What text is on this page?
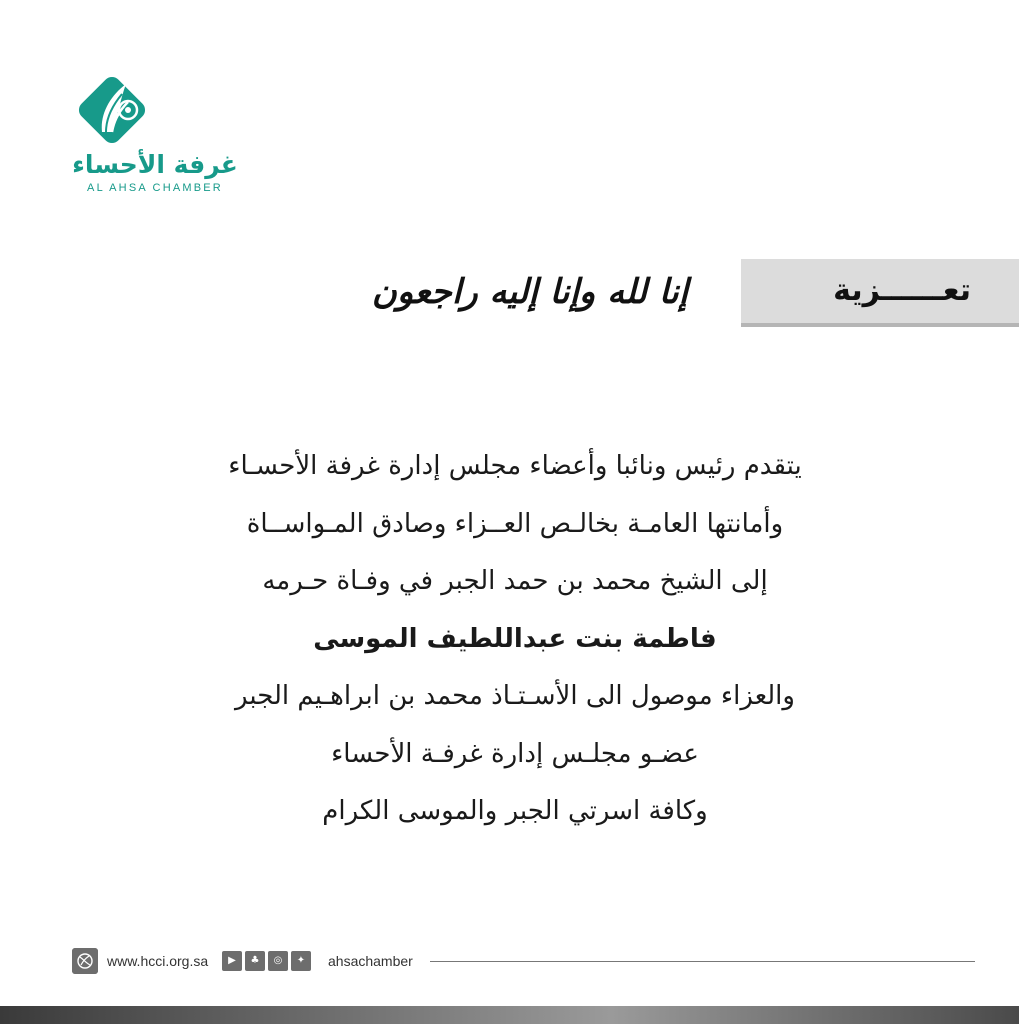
غرفة الأحساء
AL AHSA CHAMBER
إنا لله وإنا إليه راجعون	تعــــــزية
يتقدم رئيس ونائبا وأعضاء مجلس إدارة غرفة الأحسـاء
وأمانتها العامـة بخالـص العــزاء وصادق المـواســاة
إلى الشيخ محمد بن حمد الجبر في وفـاة حـرمه
فاطمة بنت عبداللطيف الموسى
والعزاء موصول الى الأسـتـاذ محمد بن ابراهـيم الجبر
عضـو مجلـس إدارة غرفـة الأحساء
وكافة اسرتي الجبر والموسى الكرام
www.hcci.org.sa	▶	♣	◎	✦	ahsachamber
